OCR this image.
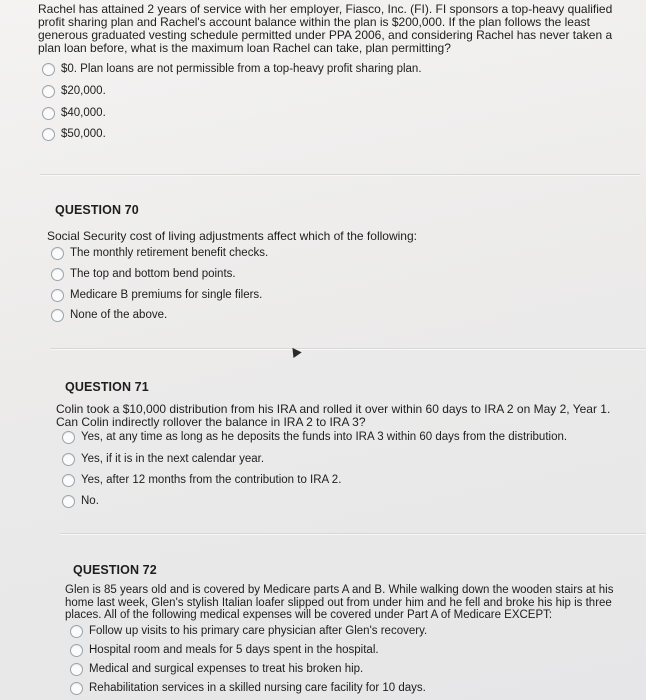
Rachel has attained 2 years of service with her employer, Fiasco, Inc. (FI). FI sponsors a top-heavy qualified profit sharing plan and Rachel's account balance within the plan is $200,000. If the plan follows the least generous graduated vesting schedule permitted under PPA 2006, and considering Rachel has never taken a plan loan before, what is the maximum loan Rachel can take, plan permitting?
$0. Plan loans are not permissible from a top-heavy profit sharing plan.
$20,000.
$40,000.
$50,000.
QUESTION 70
Social Security cost of living adjustments affect which of the following:
The monthly retirement benefit checks.
The top and bottom bend points.
Medicare B premiums for single filers.
None of the above.
QUESTION 71
Colin took a $10,000 distribution from his IRA and rolled it over within 60 days to IRA 2 on May 2, Year 1. Can Colin indirectly rollover the balance in IRA 2 to IRA 3?
Yes, at any time as long as he deposits the funds into IRA 3 within 60 days from the distribution.
Yes, if it is in the next calendar year.
Yes, after 12 months from the contribution to IRA 2.
No.
QUESTION 72
Glen is 85 years old and is covered by Medicare parts A and B. While walking down the wooden stairs at his home last week, Glen's stylish Italian loafer slipped out from under him and he fell and broke his hip is three places. All of the following medical expenses will be covered under Part A of Medicare EXCEPT:
Follow up visits to his primary care physician after Glen's recovery.
Hospital room and meals for 5 days spent in the hospital.
Medical and surgical expenses to treat his broken hip.
Rehabilitation services in a skilled nursing care facility for 10 days.
